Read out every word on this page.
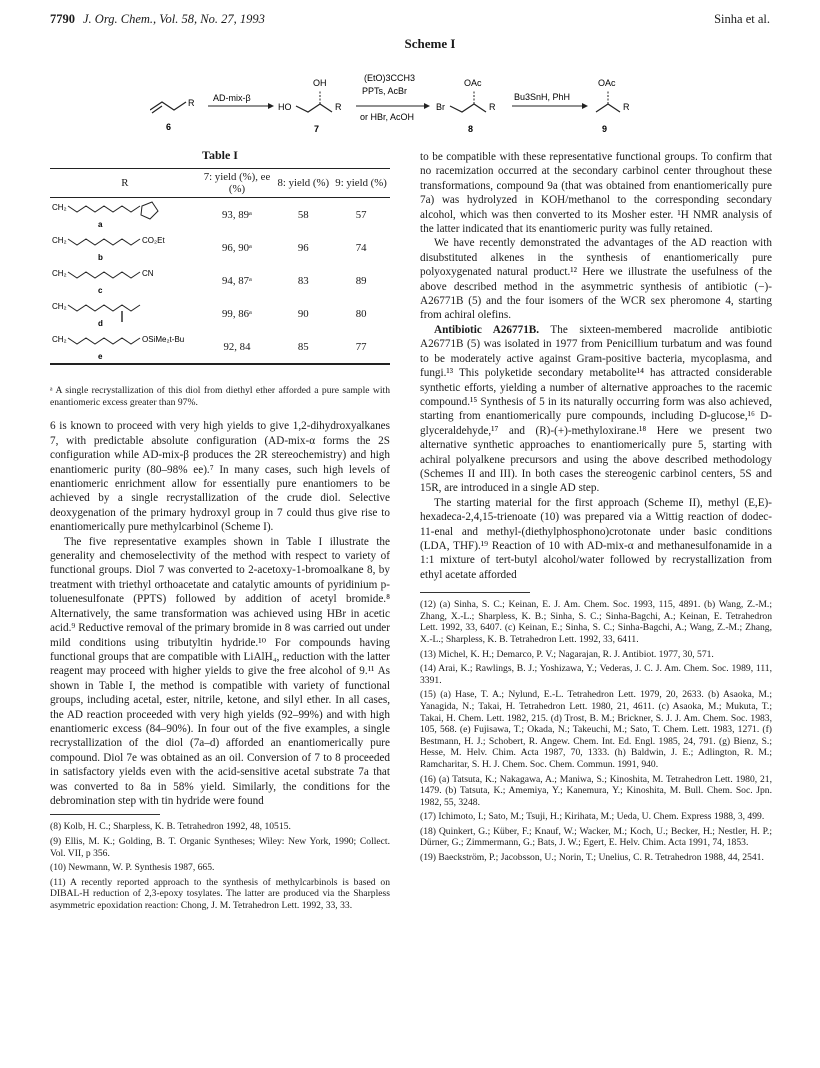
7790 J. Org. Chem., Vol. 58, No. 27, 1993	Sinha et al.
Scheme I
R
6
AD-mix-β
HO
OH
R
7
(EtO)3CCH3
PPTs, AcBr
or HBr, AcOH
Br
OAc
R
8
Bu3SnH, PhH
OAc
R
9
Table I
R	7: yield (%), ee (%)	8: yield (%)	9: yield (%)

CH₂
a	93, 89ᵃ	58	57

CH₂ CO₂Et
b	96, 90ᵃ	96	74

CH₂ CN
c	94, 87ᵃ	83	89

CH₂
d	99, 86ᵃ	90	80

CH₂ OSiMe₂t-Bu
e	92, 84	85	77
ᵃ A single recrystallization of this diol from diethyl ether afforded a pure sample with enantiomeric excess greater than 97%.

6 is known to proceed with very high yields to give 1,2-dihydroxyalkanes 7, with predictable absolute configuration (AD-mix-α forms the 2S configuration while AD-mix-β produces the 2R stereochemistry) and high enantiomeric purity (80–98% ee).⁷ In many cases, such high levels of enantiomeric enrichment allow for essentially pure enantiomers to be achieved by a single recrystallization of the crude diol. Selective deoxygenation of the primary hydroxyl group in 7 could thus give rise to enantiomerically pure methylcarbinol (Scheme I).

The five representative examples shown in Table I illustrate the generality and chemoselectivity of the method with respect to variety of functional groups. Diol 7 was converted to 2-acetoxy-1-bromoalkane 8, by treatment with triethyl orthoacetate and catalytic amounts of pyridinium p-toluenesulfonate (PPTS) followed by addition of acetyl bromide.⁸ Alternatively, the same transformation was achieved using HBr in acetic acid.⁹ Reductive removal of the primary bromide in 8 was carried out under mild conditions using tributyltin hydride.¹⁰ For compounds having functional groups that are compatible with LiAlH₄, reduction with the latter reagent may proceed with higher yields to give the free alcohol of 9.¹¹ As shown in Table I, the method is compatible with variety of functional groups, including acetal, ester, nitrile, ketone, and silyl ether. In all cases, the AD reaction proceeded with very high yields (92–99%) and with high enantiomeric excess (84–90%). In four out of the five examples, a single recrystallization of the diol (7a–d) afforded an enantiomerically pure compound. Diol 7e was obtained as an oil. Conversion of 7 to 8 proceeded in satisfactory yields even with the acid-sensitive acetal substrate 7a that was converted to 8a in 58% yield. Similarly, the conditions for the debromination step with tin hydride were found

(8) Kolb, H. C.; Sharpless, K. B. Tetrahedron 1992, 48, 10515.
(9) Ellis, M. K.; Golding, B. T. Organic Syntheses; Wiley: New York, 1990; Collect. Vol. VII, p 356.
(10) Newmann, W. P. Synthesis 1987, 665.
(11) A recently reported approach to the synthesis of methylcarbinols is based on DIBAL-H reduction of 2,3-epoxy tosylates. The latter are produced via the Sharpless asymmetric epoxidation reaction: Chong, J. M. Tetrahedron Lett. 1992, 33, 33.

to be compatible with these representative functional groups. To confirm that no racemization occurred at the secondary carbinol center throughout these transformations, compound 9a (that was obtained from enantiomerically pure 7a) was hydrolyzed in KOH/methanol to the corresponding secondary alcohol, which was then converted to its Mosher ester. ¹H NMR analysis of the latter indicated that its enantiomeric purity was fully retained.

We have recently demonstrated the advantages of the AD reaction with disubstituted alkenes in the synthesis of enantiomerically pure polyoxygenated natural product.¹² Here we illustrate the usefulness of the above described method in the asymmetric synthesis of antibiotic (−)-A26771B (5) and the four isomers of the WCR sex pheromone 4, starting from achiral olefins.

Antibiotic A26771B. The sixteen-membered macrolide antibiotic A26771B (5) was isolated in 1977 from Penicillium turbatum and was found to be moderately active against Gram-positive bacteria, mycoplasma, and fungi.¹³ This polyketide secondary metabolite¹⁴ has attracted considerable synthetic efforts, yielding a number of alternative approaches to the racemic compound.¹⁵ Synthesis of 5 in its naturally occurring form was also achieved, starting from enantiomerically pure compounds, including D-glucose,¹⁶ D-glyceraldehyde,¹⁷ and (R)-(+)-methyloxirane.¹⁸ Here we present two alternative synthetic approaches to enantiomerically pure 5, starting with achiral polyalkene precursors and using the above described methodology (Schemes II and III). In both cases the stereogenic carbinol centers, 5S and 15R, are introduced in a single AD step.

The starting material for the first approach (Scheme II), methyl (E,E)-hexadeca-2,4,15-trienoate (10) was prepared via a Wittig reaction of dodec-11-enal and methyl-(diethylphosphono)crotonate under basic conditions (LDA, THF).¹⁹ Reaction of 10 with AD-mix-α and methanesulfonamide in a 1:1 mixture of tert-butyl alcohol/water followed by recrystallization from ethyl acetate afforded

(12) (a) Sinha, S. C.; Keinan, E. J. Am. Chem. Soc. 1993, 115, 4891. (b) Wang, Z.-M.; Zhang, X.-L.; Sharpless, K. B.; Sinha, S. C.; Sinha-Bagchi, A.; Keinan, E. Tetrahedron Lett. 1992, 33, 6407. (c) Keinan, E.; Sinha, S. C.; Sinha-Bagchi, A.; Wang, Z.-M.; Zhang, X.-L.; Sharpless, K. B. Tetrahedron Lett. 1992, 33, 6411.
(13) Michel, K. H.; Demarco, P. V.; Nagarajan, R. J. Antibiot. 1977, 30, 571.
(14) Arai, K.; Rawlings, B. J.; Yoshizawa, Y.; Vederas, J. C. J. Am. Chem. Soc. 1989, 111, 3391.
(15) (a) Hase, T. A.; Nylund, E.-L. Tetrahedron Lett. 1979, 20, 2633. (b) Asaoka, M.; Yanagida, N.; Takai, H. Tetrahedron Lett. 1980, 21, 4611. (c) Asaoka, M.; Mukuta, T.; Takai, H. Chem. Lett. 1982, 215. (d) Trost, B. M.; Brickner, S. J. J. Am. Chem. Soc. 1983, 105, 568. (e) Fujisawa, T.; Okada, N.; Takeuchi, M.; Sato, T. Chem. Lett. 1983, 1271. (f) Bestmann, H. J.; Schobert, R. Angew. Chem. Int. Ed. Engl. 1985, 24, 791. (g) Bienz, S.; Hesse, M. Helv. Chim. Acta 1987, 70, 1333. (h) Baldwin, J. E.; Adlington, R. M.; Ramcharitar, S. H. J. Chem. Soc. Chem. Commun. 1991, 940.
(16) (a) Tatsuta, K.; Nakagawa, A.; Maniwa, S.; Kinoshita, M. Tetrahedron Lett. 1980, 21, 1479. (b) Tatsuta, K.; Amemiya, Y.; Kanemura, Y.; Kinoshita, M. Bull. Chem. Soc. Jpn. 1982, 55, 3248.
(17) Ichimoto, I.; Sato, M.; Tsuji, H.; Kirihata, M.; Ueda, U. Chem. Express 1988, 3, 499.
(18) Quinkert, G.; Küber, F.; Knauf, W.; Wacker, M.; Koch, U.; Becker, H.; Nestler, H. P.; Dürner, G.; Zimmermann, G.; Bats, J. W.; Egert, E. Helv. Chim. Acta 1991, 74, 1853.
(19) Baeckström, P.; Jacobsson, U.; Norin, T.; Unelius, C. R. Tetrahedron 1988, 44, 2541.
